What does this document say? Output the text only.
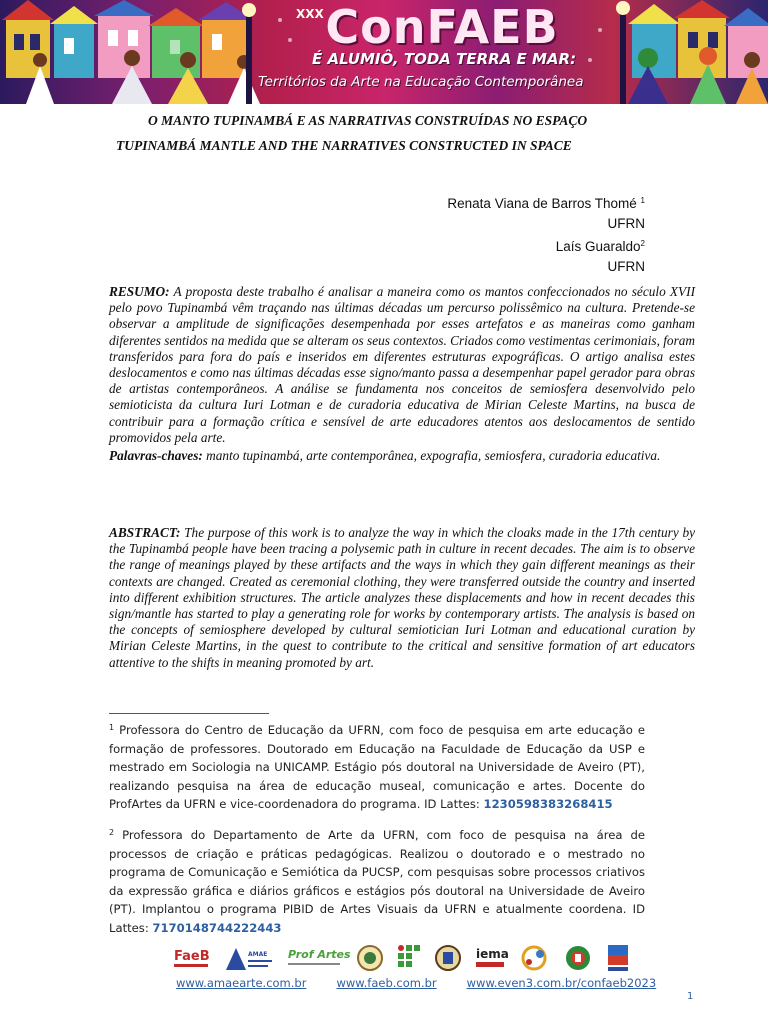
XXX ConFAEB
É ALUMIÔ, TODA TERRA E MAR:
Territórios da Arte na Educação Contemporânea
O MANTO TUPINAMBÁ E AS NARRATIVAS CONSTRUÍDAS NO ESPAÇO
TUPINAMBÁ MANTLE AND THE NARRATIVES CONSTRUCTED IN SPACE
Renata Viana de Barros Thomé $^1$
UFRN
Laís Guaraldo$^2$
UFRN
RESUMO: A proposta deste trabalho é analisar a maneira como os mantos confeccionados no século XVII pelo povo Tupinambá vêm traçando nas últimas décadas um percurso polissêmico na cultura. Pretende-se observar a amplitude de significações desempenhada por esses artefatos e as maneiras como ganham diferentes sentidos na medida que se alteram os seus contextos. Criados como vestimentas cerimoniais, foram transferidos para fora do país e inseridos em diferentes estruturas expográficas. O artigo analisa estes deslocamentos e como nas últimas décadas esse signo/manto passa a desempenhar papel gerador para obras de artistas contemporâneos. A análise se fundamenta nos conceitos de semiosfera desenvolvido pelo semioticista da cultura Iuri Lotman e de curadoria educativa de Mirian Celeste Martins, na busca de contribuir para a formação crítica e sensível de arte educadores atentos aos deslocamentos de sentido promovidos pela arte.
Palavras-chaves: manto tupinambá, arte contemporânea, expografia, semiosfera, curadoria educativa.
ABSTRACT: The purpose of this work is to analyze the way in which the cloaks made in the 17th century by the Tupinambá people have been tracing a polysemic path in culture in recent decades. The aim is to observe the range of meanings played by these artifacts and the ways in which they gain different meanings as their contexts are changed. Created as ceremonial clothing, they were transferred outside the country and inserted into different exhibition structures. The article analyzes these displacements and how in recent decades this sign/mantle has started to play a generating role for works by contemporary artists. The analysis is based on the concepts of semiosphere developed by cultural semiotician Iuri Lotman and educational curation by Mirian Celeste Martins, in the quest to contribute to the critical and sensitive formation of art educators attentive to the shifts in meaning promoted by art.
$^1$ Professora do Centro de Educação da UFRN, com foco de pesquisa em arte educação e formação de professores. Doutorado em Educação na Faculdade de Educação da USP e mestrado em Sociologia na UNICAMP. Estágio pós doutoral na Universidade de Aveiro (PT), realizando pesquisa na área de educação museal, comunicação e artes. Docente do ProfArtes da UFRN e vice-coordenadora do programa. ID Lattes: 1230598383268415
$^2$ Professora do Departamento de Arte da UFRN, com foco de pesquisa na área de processos de criação e práticas pedagógicas. Realizou o doutorado e o mestrado no programa de Comunicação e Semiótica da PUCSP, com pesquisas sobre processos criativos da expressão gráfica e diários gráficos e estágios pós doutoral na Universidade de Aveiro (PT). Implantou o programa PIBID de Artes Visuais da UFRN e atualmente coordena. ID Lattes: 7170148744222443
FaeB	AMAE Prof Artes	iema
www.amaearte.com.br	www.faeb.com.br	www.even3.com.br/confaeb2023
1
